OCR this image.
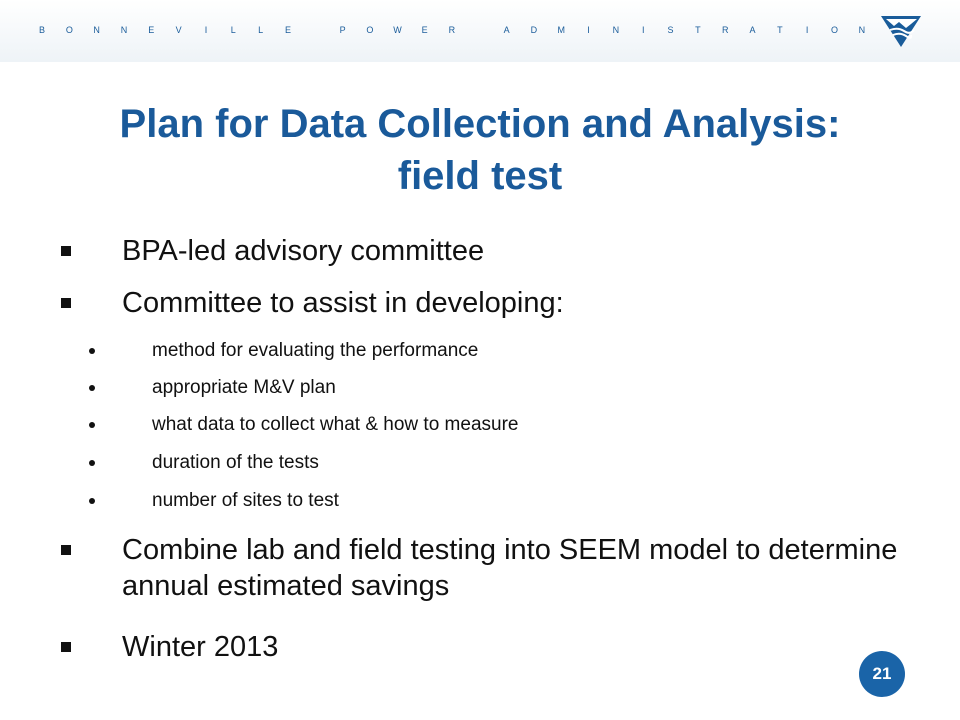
B O N N E V	I	L L E	P O W E R	A D M	I	N	I	S T R A T	I	O N
Plan for Data Collection and Analysis:
field test
BPA-led advisory committee
Committee to assist in developing:
method for evaluating the performance
appropriate M&V plan
what data to collect what & how to measure
duration of the tests
number of sites to test
Combine lab and field testing into SEEM model to determine annual estimated savings
Winter 2013
21
